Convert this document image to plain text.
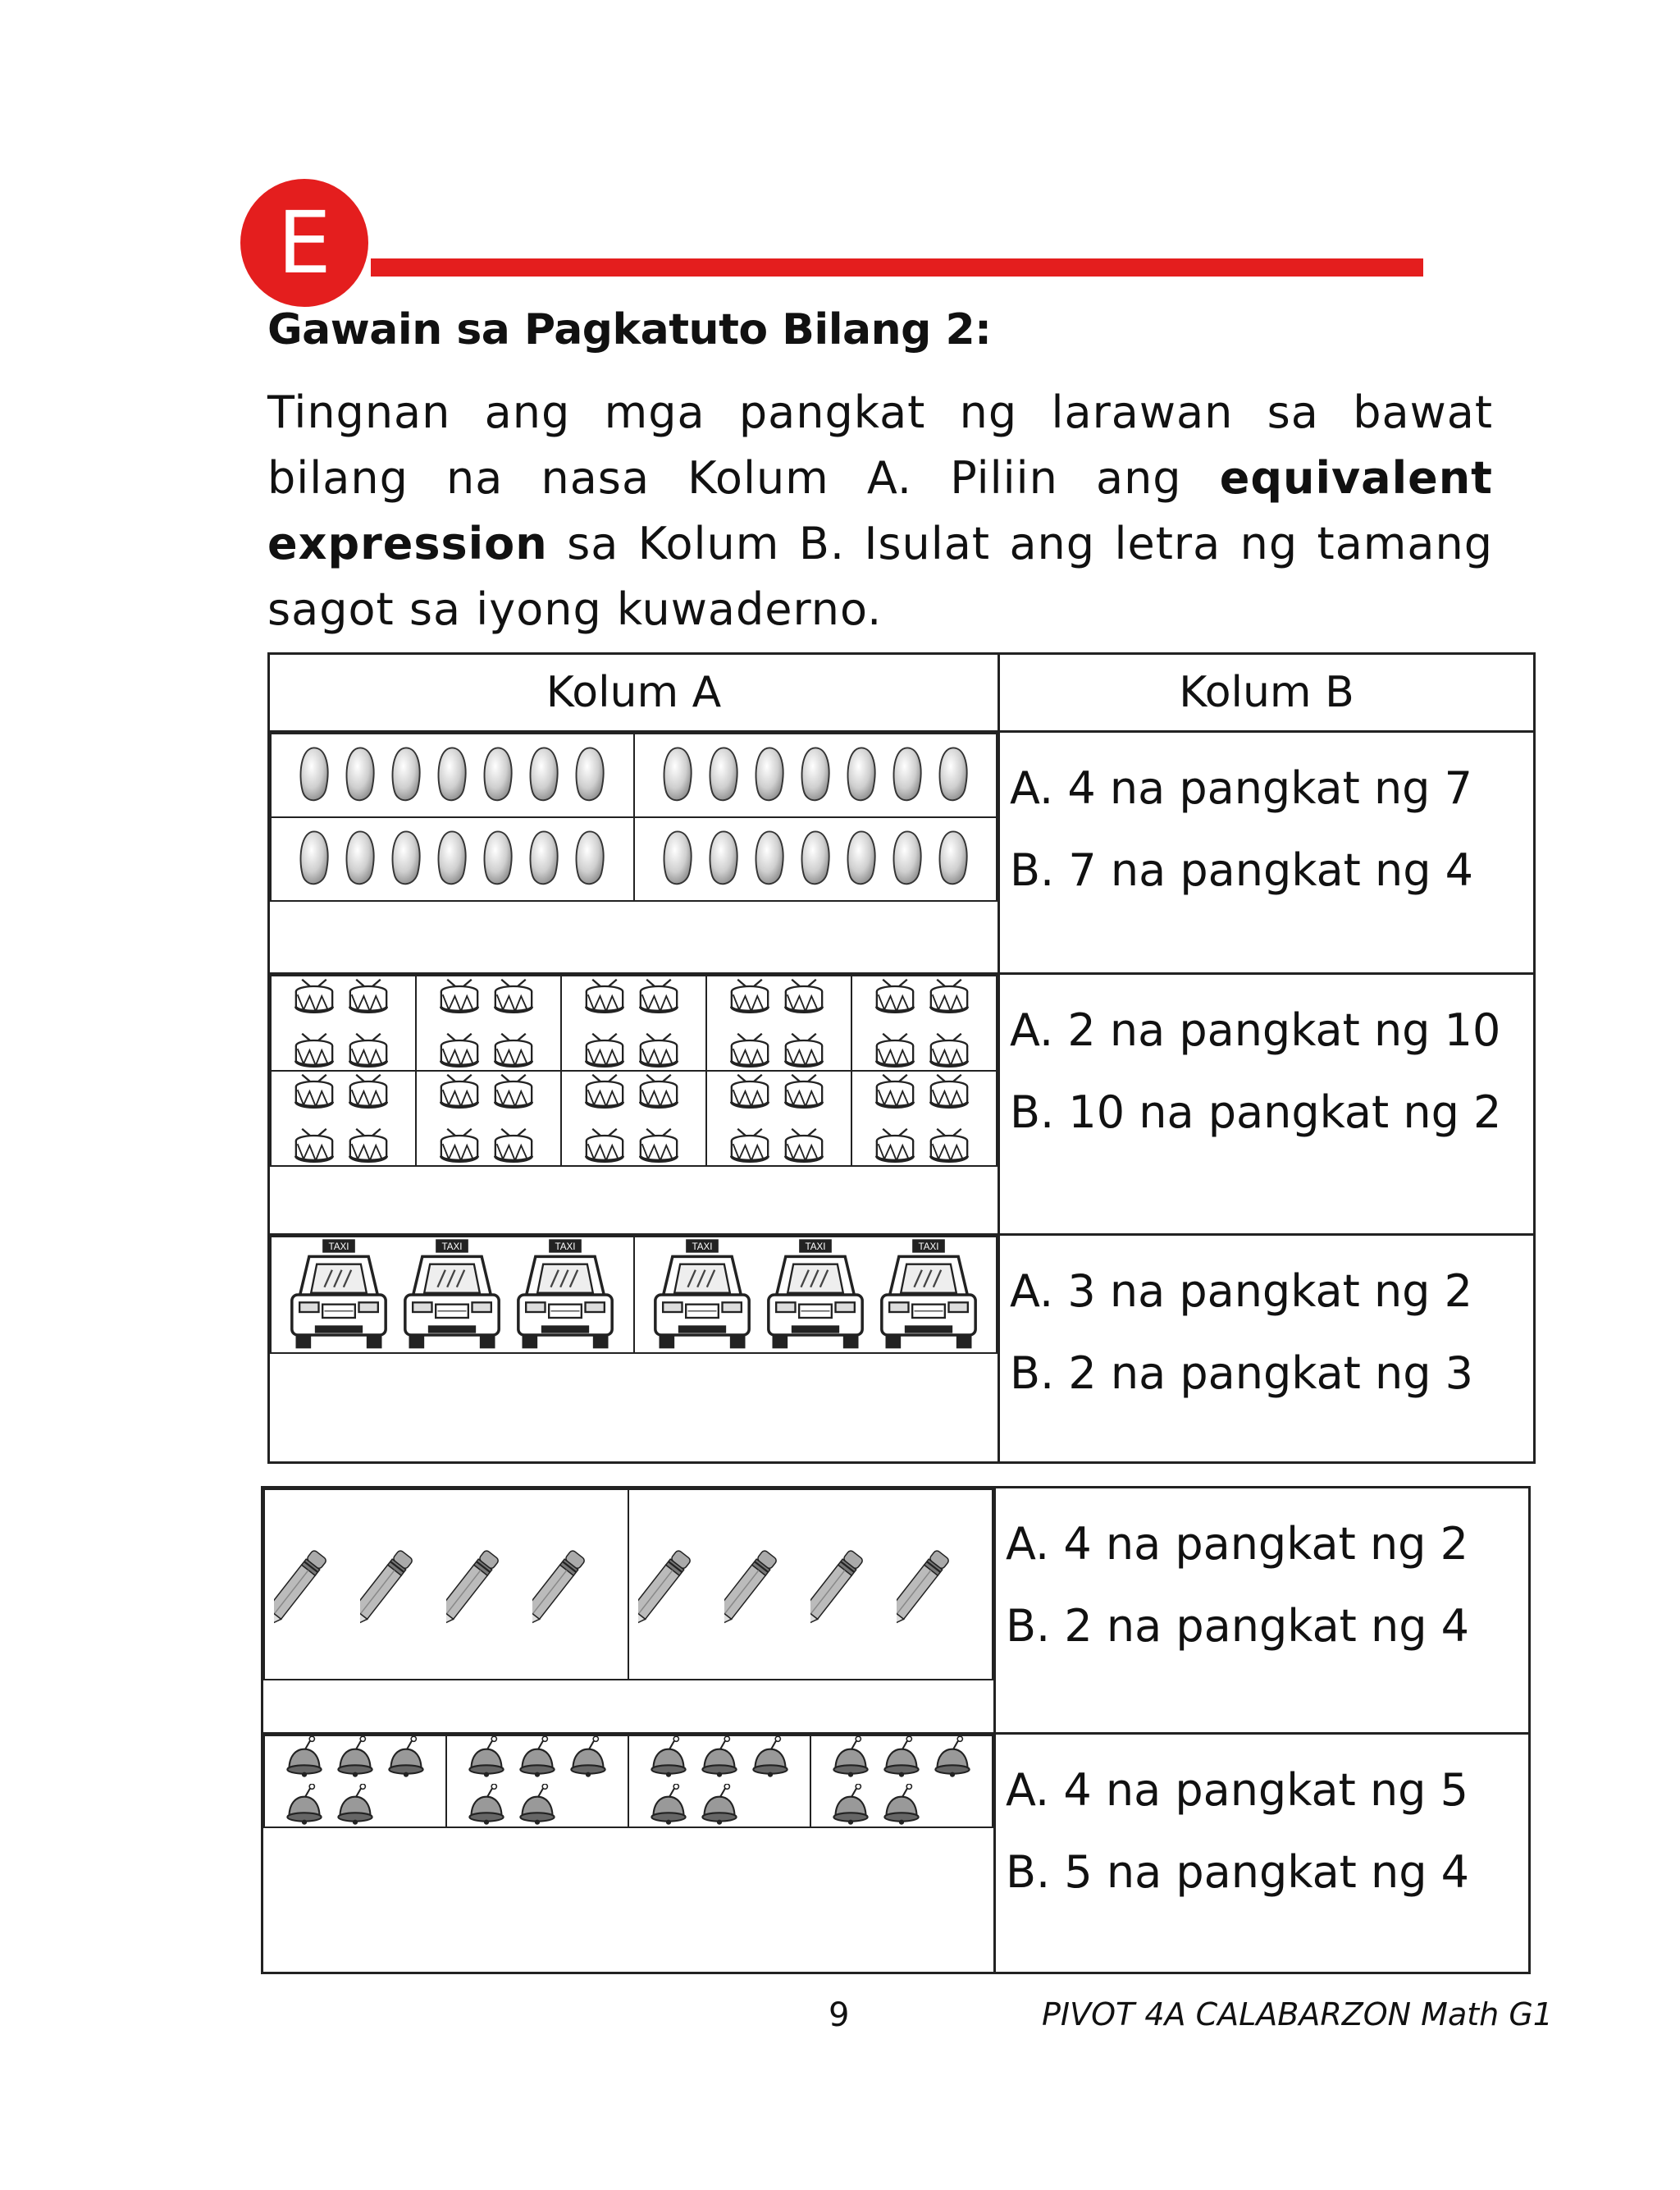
E
Gawain sa Pagkatuto Bilang 2:
Tingnan ang mga pangkat ng larawan sa bawat bilang na nasa Kolum A. Piliin ang equivalent expression sa Kolum B. Isulat ang letra ng tamang sagot sa iyong kuwaderno.
Kolum A	Kolum B

A. 4 na pangkat ng 7
B. 7 na pangkat ng 4

A. 2 na pangkat ng 10
B. 10 na pangkat ng 2

TAXI	TAXI	TAXI	TAXI	TAXI	TAXI

A. 3 na pangkat ng 2
B. 2 na pangkat ng 3

A. 4 na pangkat ng 2
B. 2 na pangkat ng 4

A. 4 na pangkat ng 5
B. 5 na pangkat ng 4
9	PIVOT 4A CALABARZON Math G1
